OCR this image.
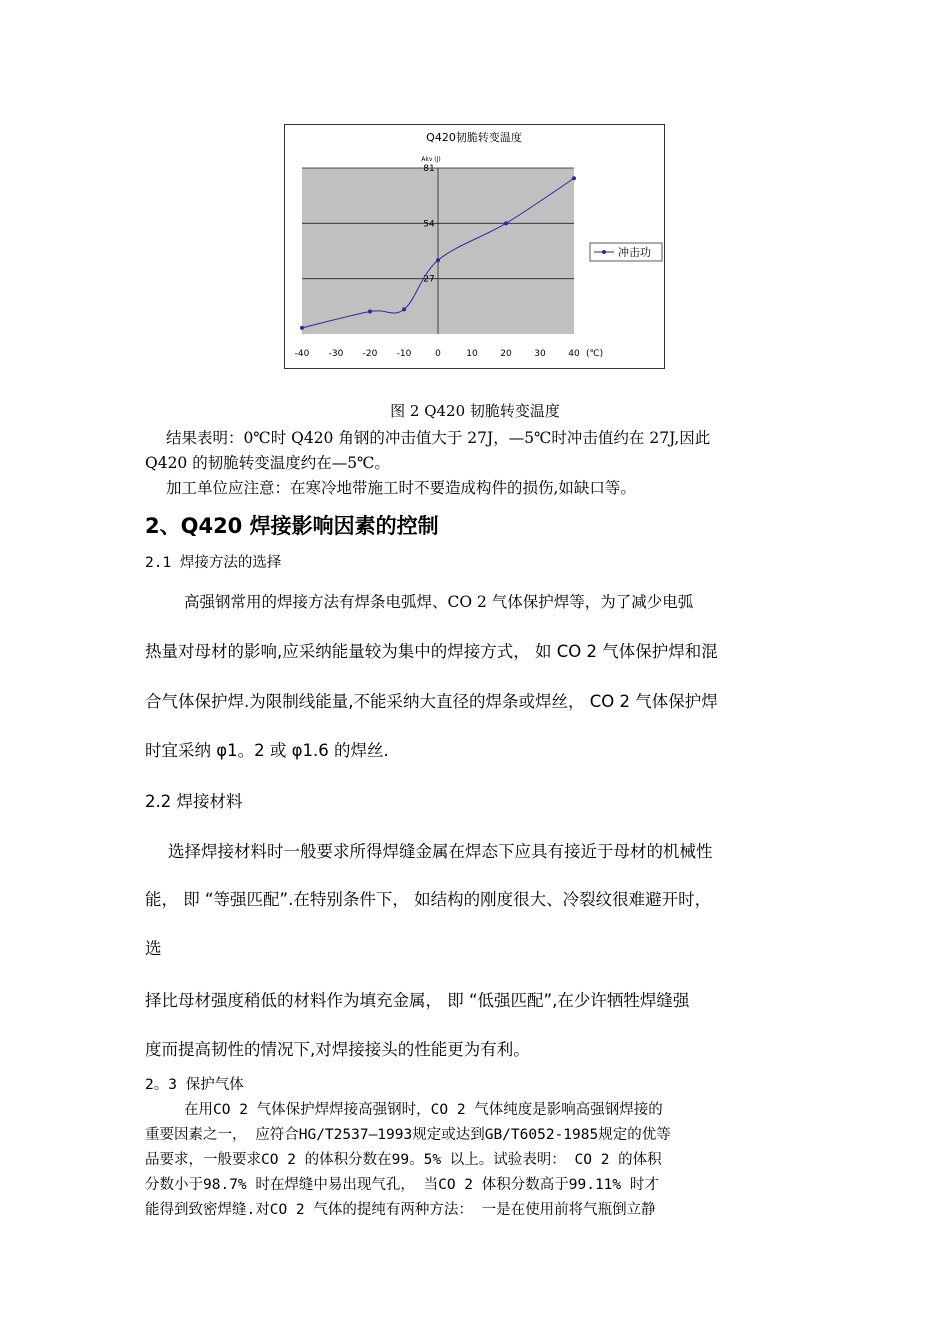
Q420韧脆转变温度
Akv (J)
27
54
81
-40 -30 -20 -10	0	10	20	30	40 (℃)
冲击功
图 2 Q420 韧脆转变温度
结果表明：0℃时 Q420 角钢的冲击值大于 27J，—5℃时冲击值约在 27J,因此
Q420 的韧脆转变温度约在—5℃。
加工单位应注意：在寒冷地带施工时不要造成构件的损伤,如缺口等。
2、Q420 焊接影响因素的控制
2.1 焊接方法的选择
高强钢常用的焊接方法有焊条电弧焊、CO 2 气体保护焊等，为了减少电弧
热量对母材的影响,应采纳能量较为集中的焊接方式， 如 CO 2 气体保护焊和混
合气体保护焊.为限制线能量,不能采纳大直径的焊条或焊丝， CO 2 气体保护焊
时宜采纳 φ1。2 或 φ1.6 的焊丝.
2.2 焊接材料
选择焊接材料时一般要求所得焊缝金属在焊态下应具有接近于母材的机械性
能， 即 “等强匹配”.在特别条件下， 如结构的刚度很大、冷裂纹很难避开时，
选
择比母材强度稍低的材料作为填充金属， 即 “低强匹配”,在少许牺牲焊缝强
度而提高韧性的情况下,对焊接接头的性能更为有利。
2。3 保护气体
在用CO 2 气体保护焊焊接高强钢时，CO 2 气体纯度是影响高强钢焊接的
重要因素之一， 应符合HG/T2537—1993规定或达到GB/T6052-1985规定的优等
品要求，一般要求CO 2 的体积分数在99。5% 以上。试验表明： CO 2 的体积
分数小于98.7% 时在焊缝中易出现气孔， 当CO 2 体积分数高于99.11% 时才
能得到致密焊缝.对CO 2 气体的提纯有两种方法： 一是在使用前将气瓶倒立静
